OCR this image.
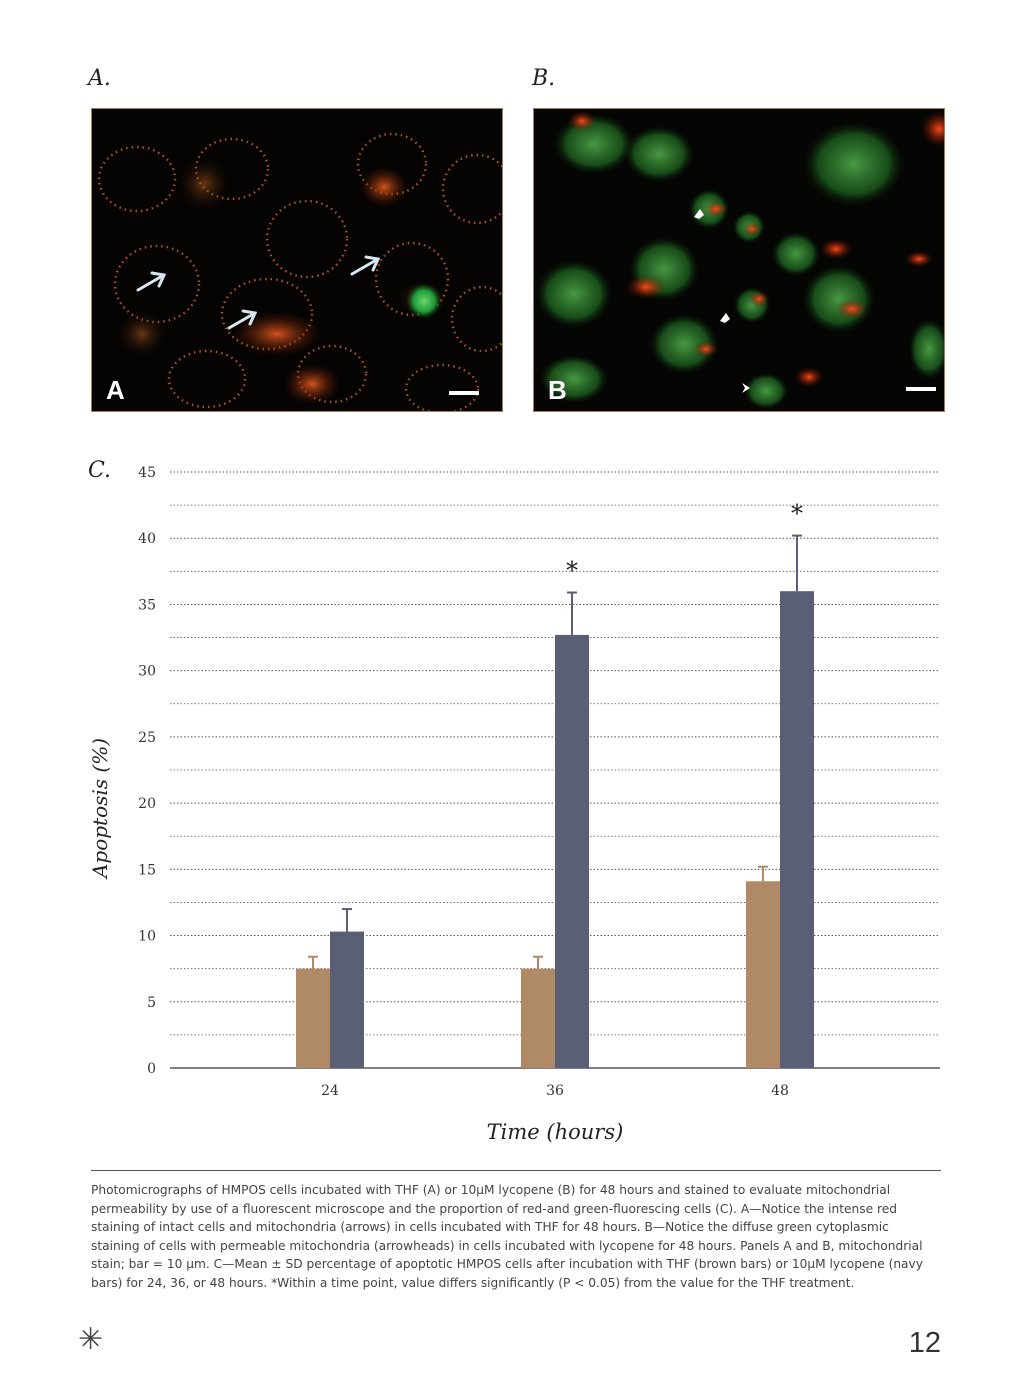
A.	B.
C.
A	B
0
5
10
15
20
25
30
35
40
45
24	36	48
*
*
Time (hours)
Apoptosis (%)

Photomicrographs of HMPOS cells incubated with THF (A) or 10µM lycopene (B) for 48 hours and stained to evaluate mitochondrial permeability by use of a fluorescent microscope and the proportion of red-and green-fluorescing cells (C). A—Notice the intense red staining of intact cells and mitochondria (arrows) in cells incubated with THF for 48 hours. B—Notice the diffuse green cytoplasmic staining of cells with permeable mitochondria (arrowheads) in cells incubated with lycopene for 48 hours. Panels A and B, mitochondrial stain; bar = 10 µm. C—Mean ± SD percentage of apoptotic HMPOS cells after incubation with THF (brown bars) or 10µM lycopene (navy bars) for 24, 36, or 48 hours. *Within a time point, value differs significantly (P < 0.05) from the value for the THF treatment.

✳	12
